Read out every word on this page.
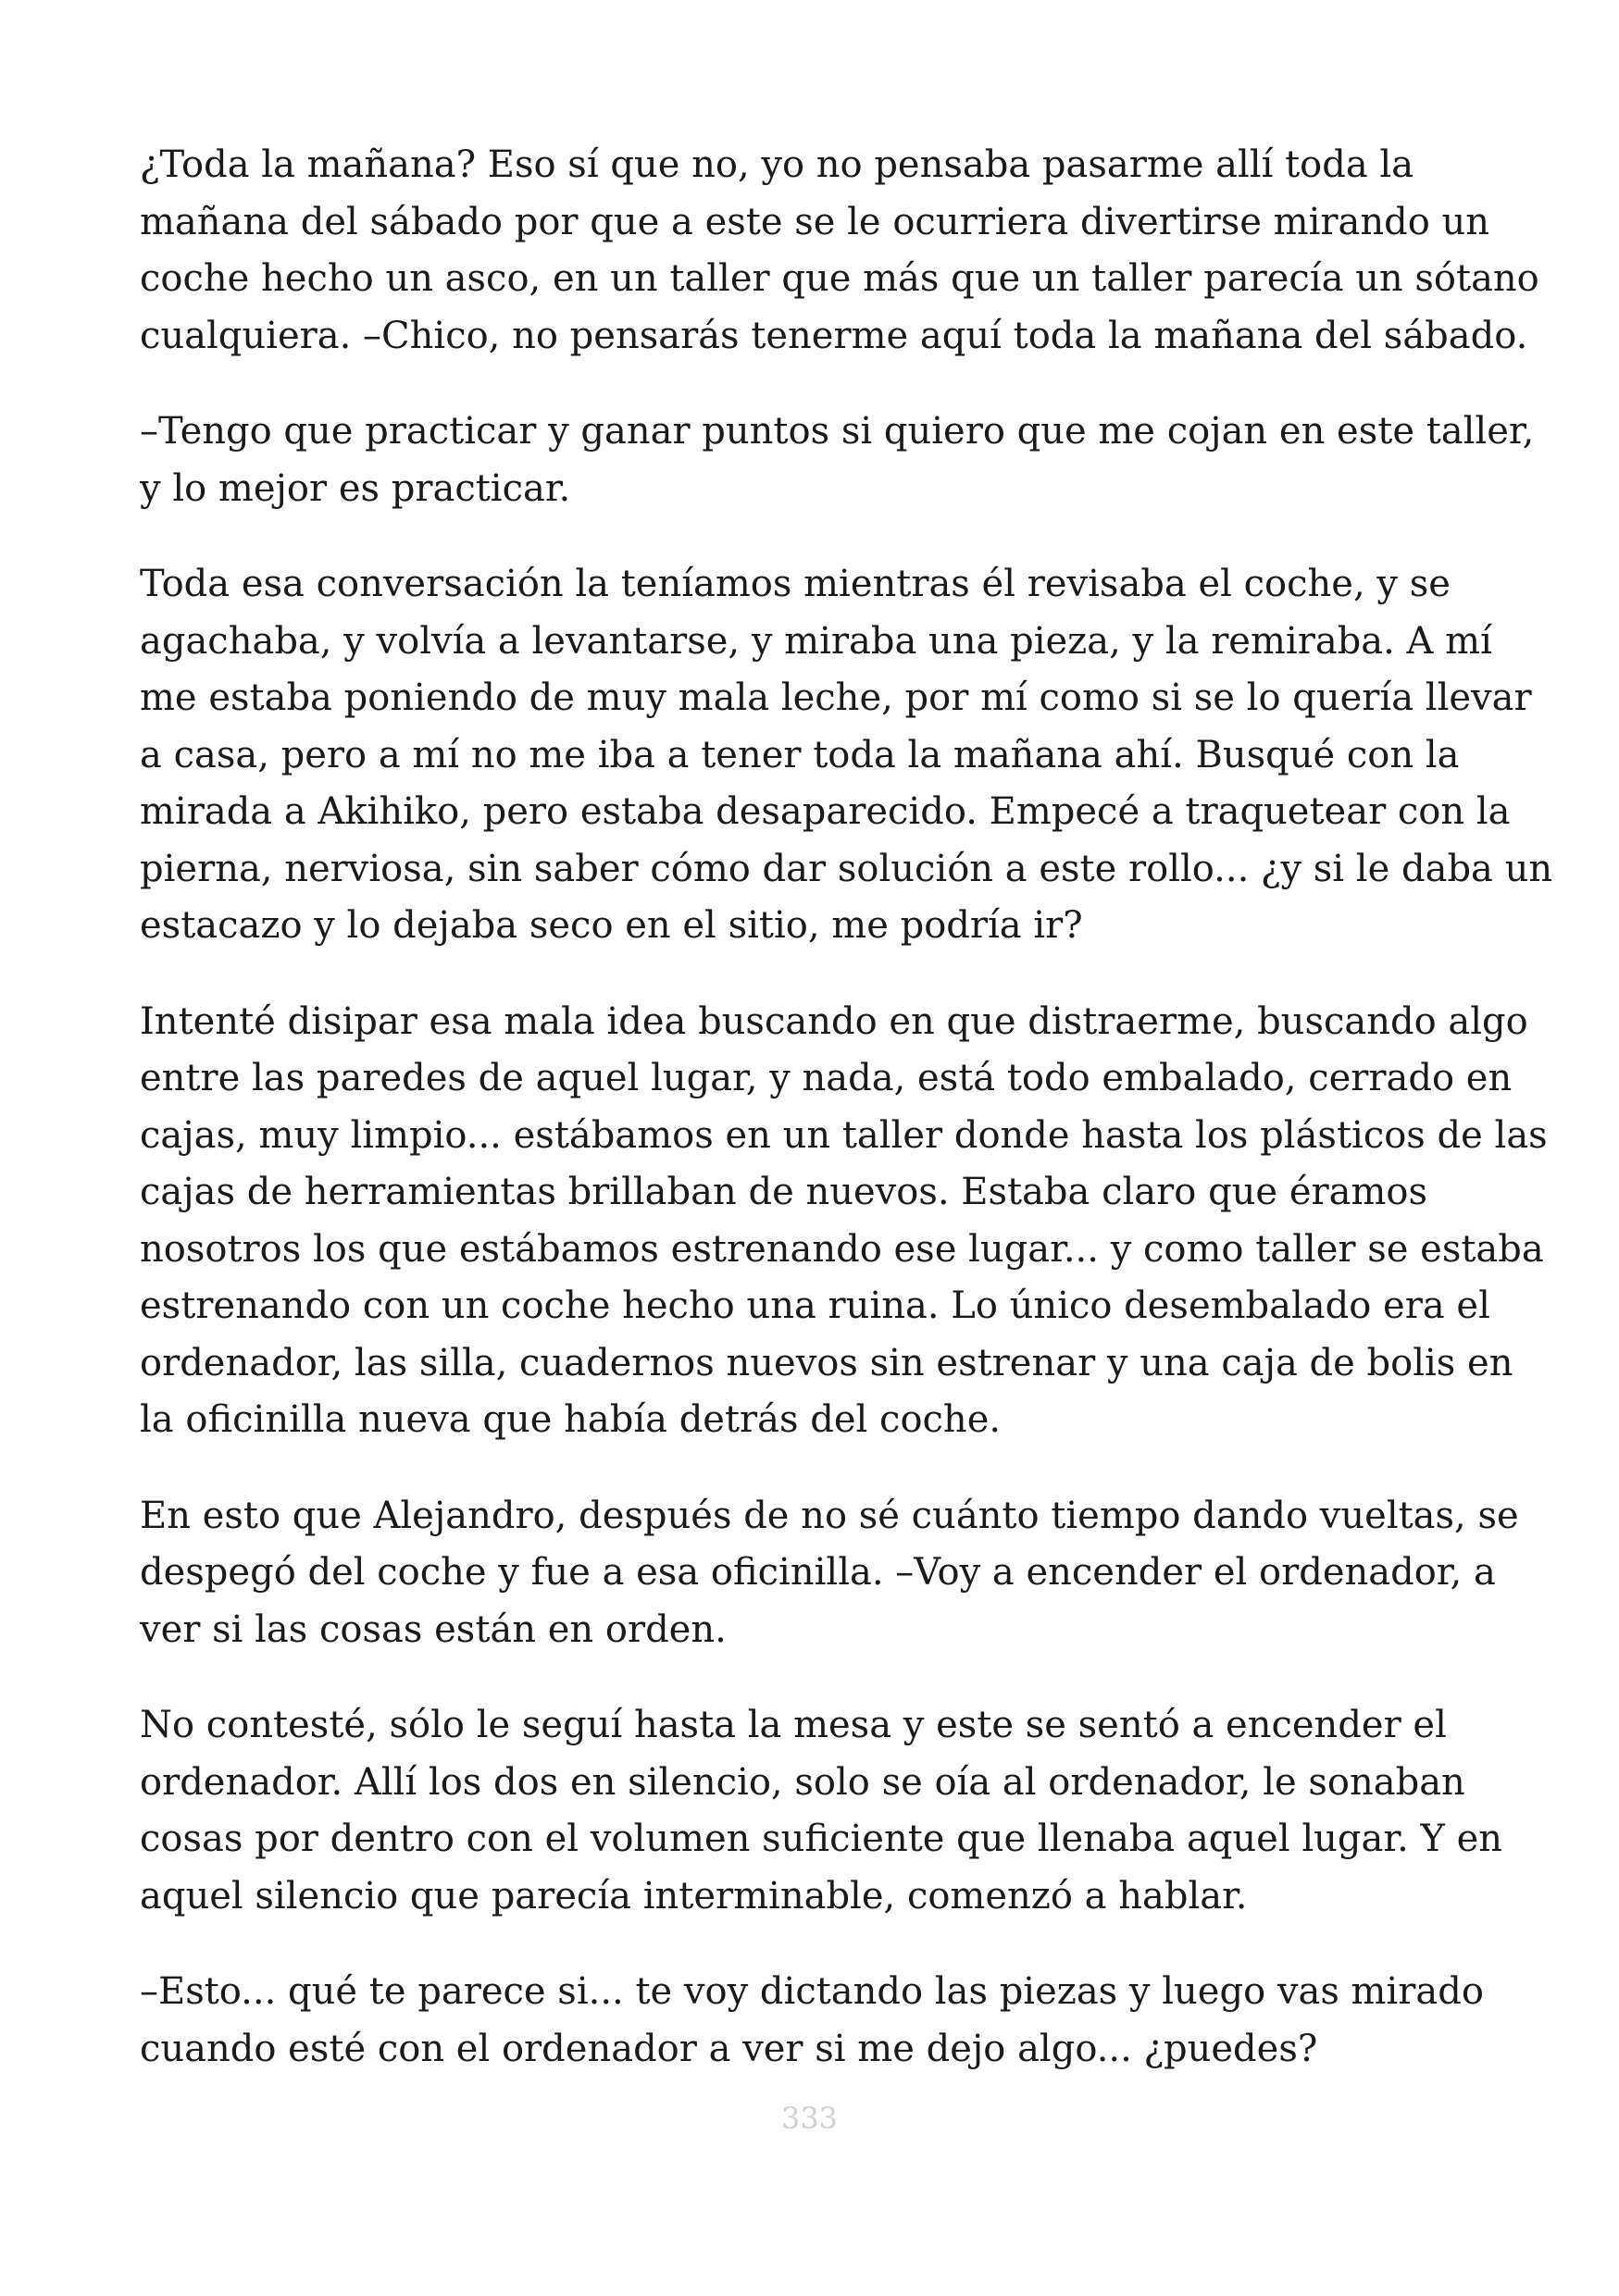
¿Toda la mañana? Eso sí que no, yo no pensaba pasarme allí toda la
mañana del sábado por que a este se le ocurriera divertirse mirando un
coche hecho un asco, en un taller que más que un taller parecía un sótano
cualquiera. –Chico, no pensarás tenerme aquí toda la mañana del sábado.

–Tengo que practicar y ganar puntos si quiero que me cojan en este taller,
y lo mejor es practicar.

Toda esa conversación la teníamos mientras él revisaba el coche, y se
agachaba, y volvía a levantarse, y miraba una pieza, y la remiraba. A mí
me estaba poniendo de muy mala leche, por mí como si se lo quería llevar
a casa, pero a mí no me iba a tener toda la mañana ahí. Busqué con la
mirada a Akihiko, pero estaba desaparecido. Empecé a traquetear con la
pierna, nerviosa, sin saber cómo dar solución a este rollo... ¿y si le daba un
estacazo y lo dejaba seco en el sitio, me podría ir?

Intenté disipar esa mala idea buscando en que distraerme, buscando algo
entre las paredes de aquel lugar, y nada, está todo embalado, cerrado en
cajas, muy limpio... estábamos en un taller donde hasta los plásticos de las
cajas de herramientas brillaban de nuevos. Estaba claro que éramos
nosotros los que estábamos estrenando ese lugar... y como taller se estaba
estrenando con un coche hecho una ruina. Lo único desembalado era el
ordenador, las silla, cuadernos nuevos sin estrenar y una caja de bolis en
la oficinilla nueva que había detrás del coche.

En esto que Alejandro, después de no sé cuánto tiempo dando vueltas, se
despegó del coche y fue a esa oficinilla. –Voy a encender el ordenador, a
ver si las cosas están en orden.

No contesté, sólo le seguí hasta la mesa y este se sentó a encender el
ordenador. Allí los dos en silencio, solo se oía al ordenador, le sonaban
cosas por dentro con el volumen suficiente que llenaba aquel lugar. Y en
aquel silencio que parecía interminable, comenzó a hablar.

–Esto... qué te parece si... te voy dictando las piezas y luego vas mirado
cuando esté con el ordenador a ver si me dejo algo... ¿puedes?

333
